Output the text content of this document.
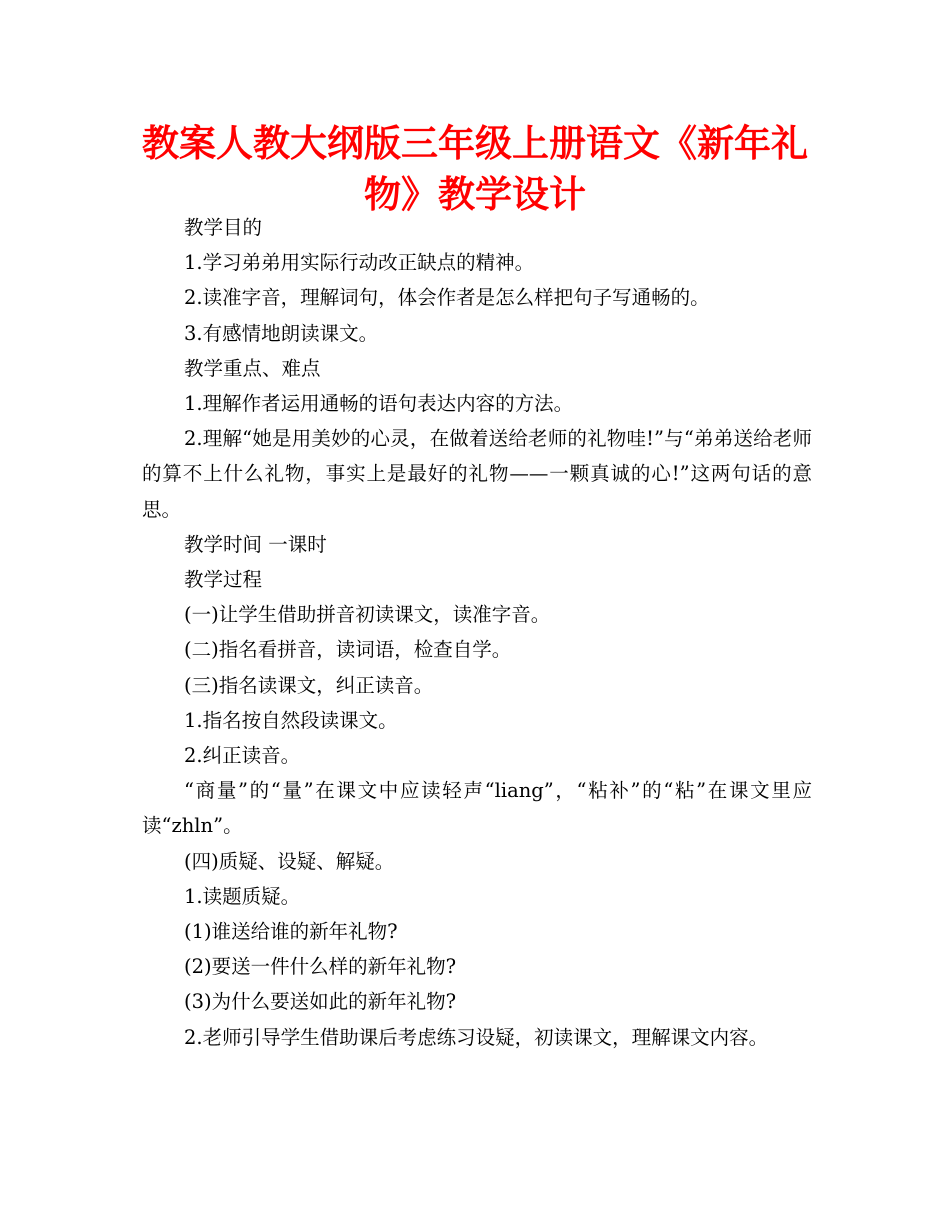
教案人教大纲版三年级上册语文《新年礼物》教学设计

教学目的

1.学习弟弟用实际行动改正缺点的精神。

2.读准字音，理解词句，体会作者是怎么样把句子写通畅的。

3.有感情地朗读课文。

教学重点、难点

1.理解作者运用通畅的语句表达内容的方法。

2.理解“她是用美妙的心灵，在做着送给老师的礼物哇!”与“弟弟送给老师的算不上什么礼物，事实上是最好的礼物——一颗真诚的心!”这两句话的意思。

教学时间 一课时

教学过程

(一)让学生借助拼音初读课文，读准字音。

(二)指名看拼音，读词语，检查自学。

(三)指名读课文，纠正读音。

1.指名按自然段读课文。

2.纠正读音。

“商量”的“量”在课文中应读轻声“liang”，“粘补”的“粘”在课文里应读“zhln”。

(四)质疑、设疑、解疑。

1.读题质疑。

(1)谁送给谁的新年礼物?

(2)要送一件什么样的新年礼物?

(3)为什么要送如此的新年礼物?

2.老师引导学生借助课后考虑练习设疑，初读课文，理解课文内容。
